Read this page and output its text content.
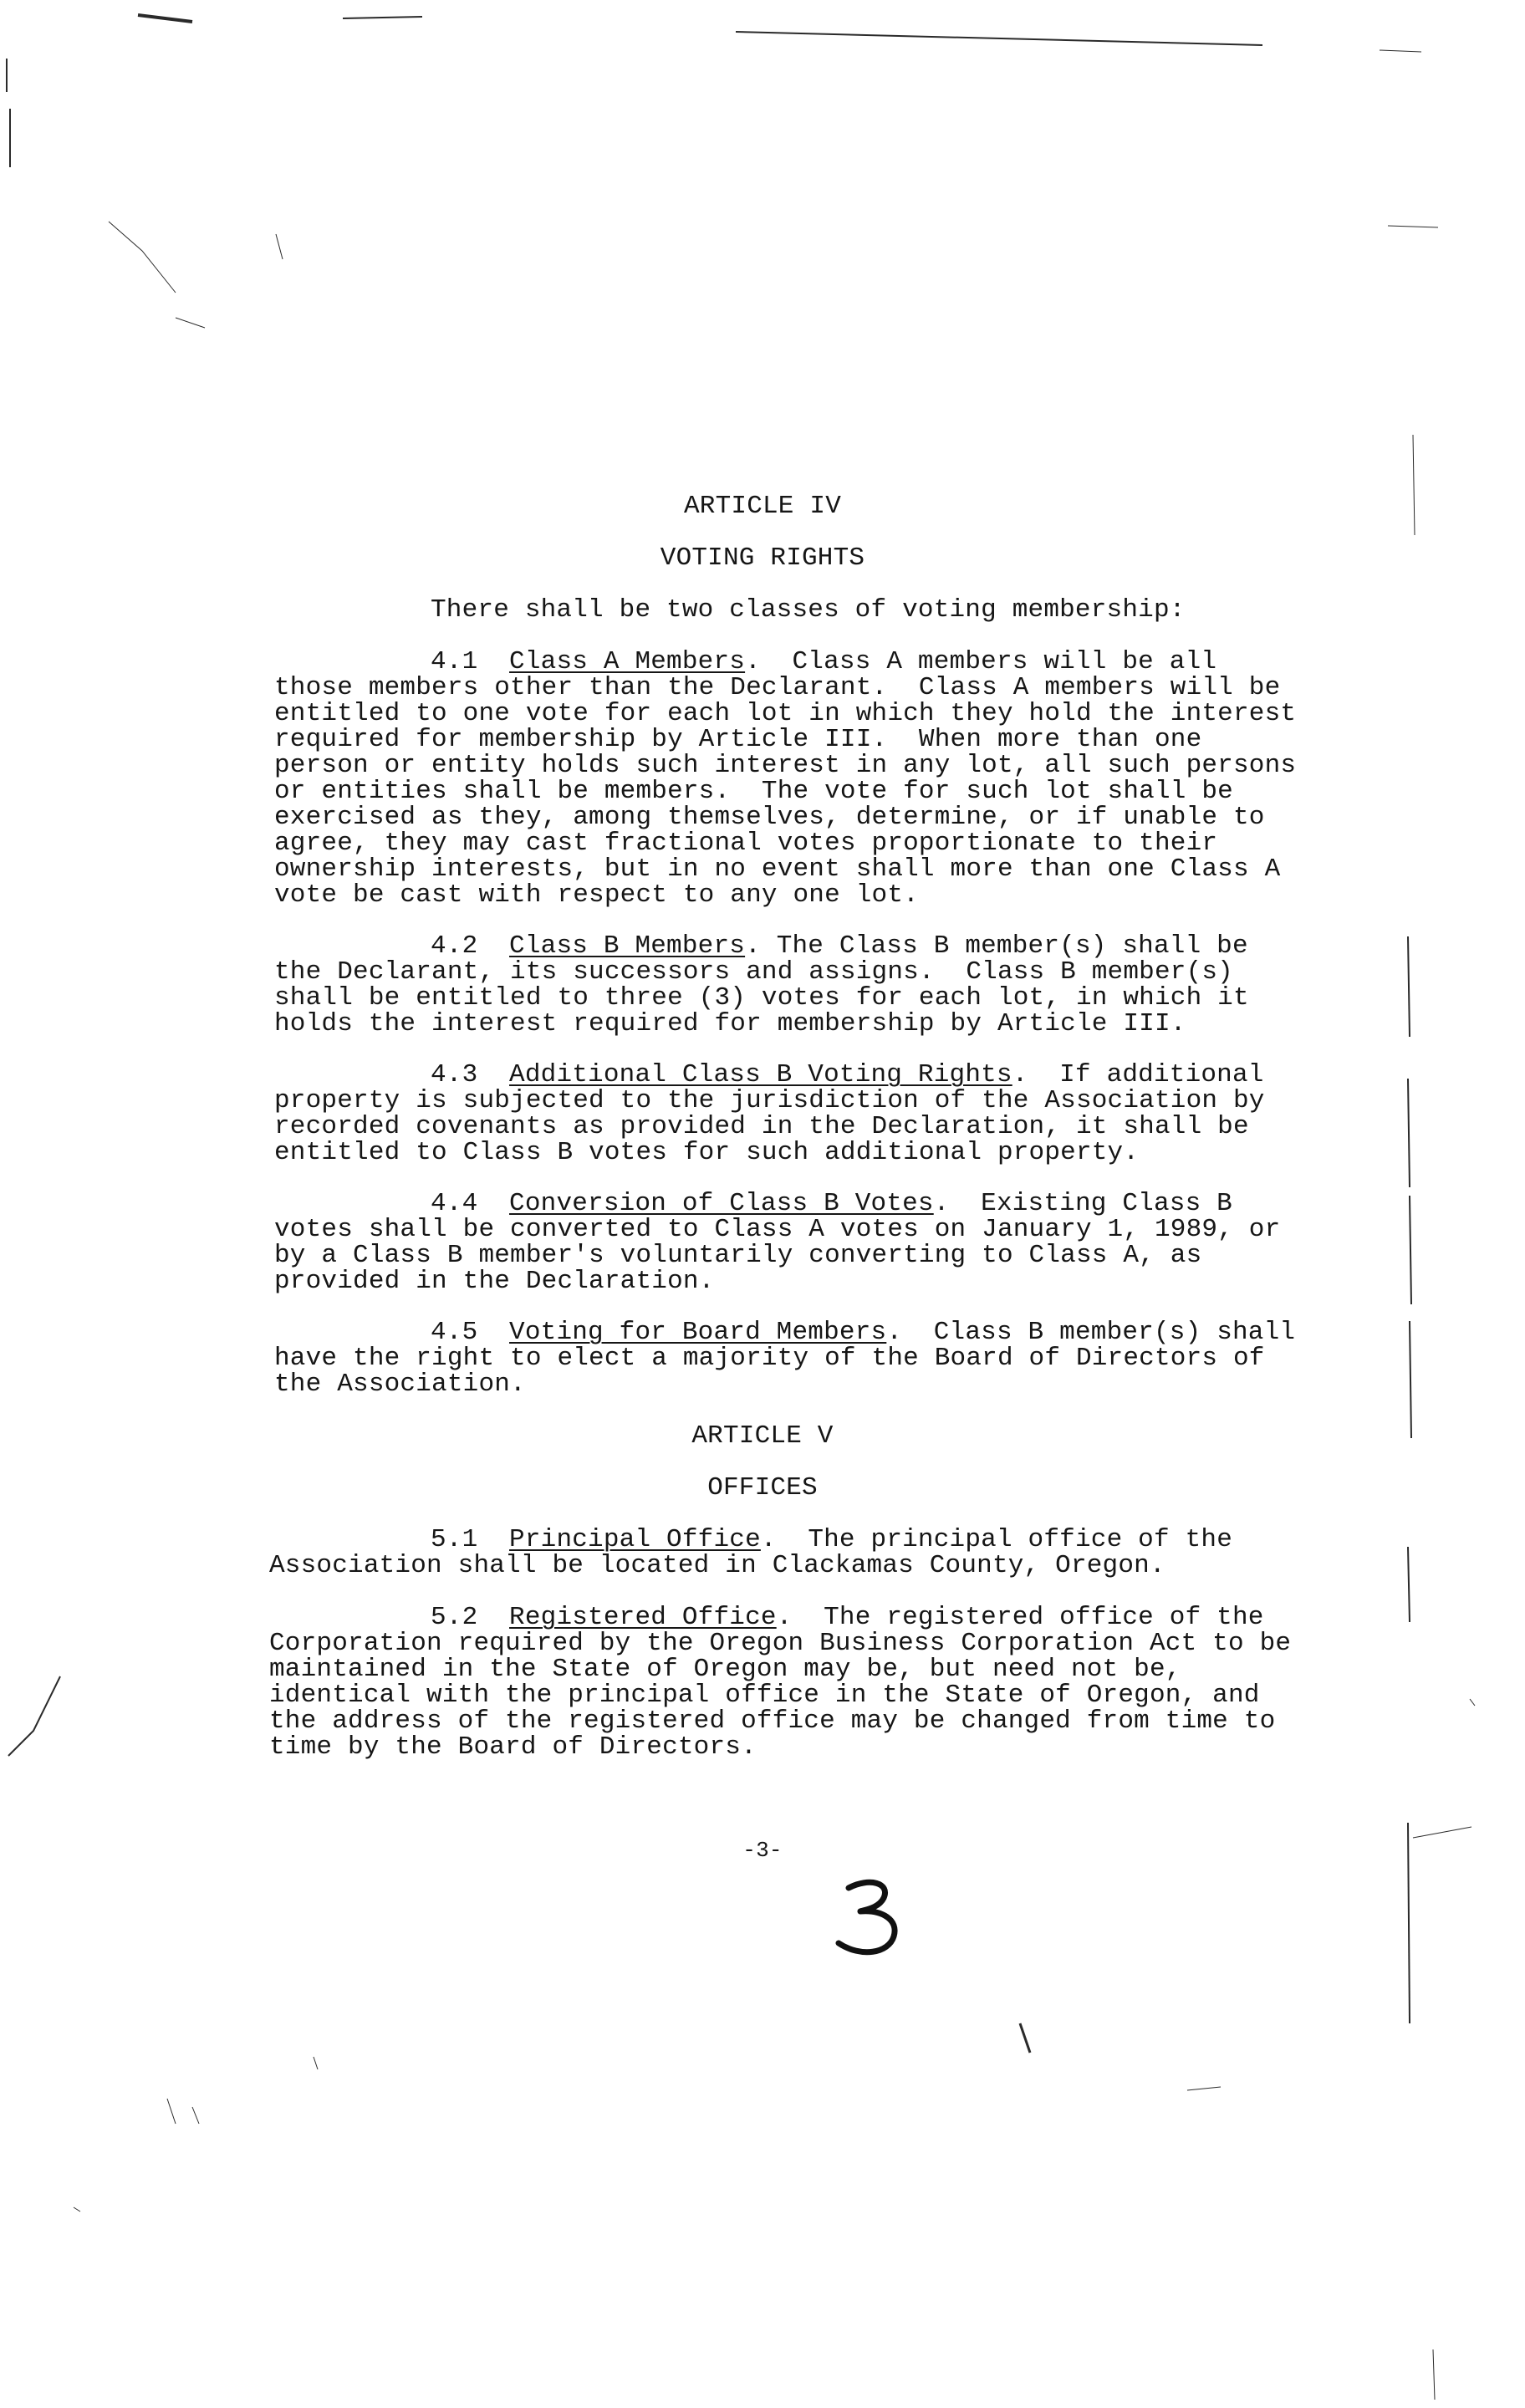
ARTICLE IV
VOTING RIGHTS
There shall be two classes of voting membership:
4.1 Class A Members.  Class A members will be all
those members other than the Declarant.  Class A members will be
entitled to one vote for each lot in which they hold the interest
required for membership by Article III.  When more than one
person or entity holds such interest in any lot, all such persons
or entities shall be members.  The vote for such lot shall be
exercised as they, among themselves, determine, or if unable to
agree, they may cast fractional votes proportionate to their
ownership interests, but in no event shall more than one Class A
vote be cast with respect to any one lot.
4.2 Class B Members. The Class B member(s) shall be
the Declarant, its successors and assigns.  Class B member(s)
shall be entitled to three (3) votes for each lot, in which it
holds the interest required for membership by Article III.
4.3 Additional Class B Voting Rights.  If additional
property is subjected to the jurisdiction of the Association by
recorded covenants as provided in the Declaration, it shall be
entitled to Class B votes for such additional property.
4.4 Conversion of Class B Votes.  Existing Class B
votes shall be converted to Class A votes on January 1, 1989, or
by a Class B member's voluntarily converting to Class A, as
provided in the Declaration.
4.5 Voting for Board Members.  Class B member(s) shall
have the right to elect a majority of the Board of Directors of
the Association.
ARTICLE V
OFFICES
5.1 Principal Office.  The principal office of the
Association shall be located in Clackamas County, Oregon.
5.2 Registered Office.  The registered office of the
Corporation required by the Oregon Business Corporation Act to be
maintained in the State of Oregon may be, but need not be,
identical with the principal office in the State of Oregon, and
the address of the registered office may be changed from time to
time by the Board of Directors.
-3-
